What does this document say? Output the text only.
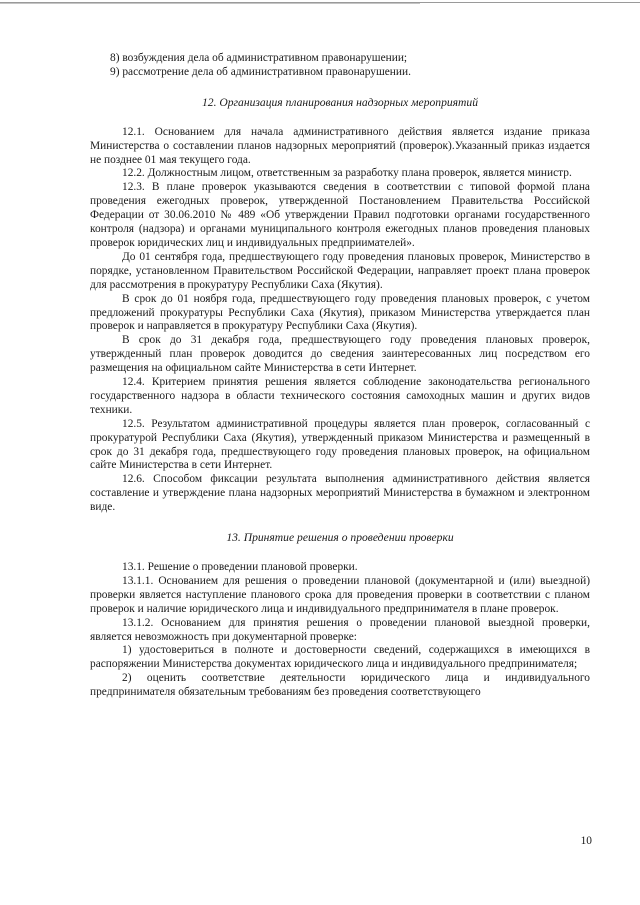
8) возбуждения дела об административном правонарушении;
9) рассмотрение дела об административном правонарушении.
12. Организация планирования надзорных мероприятий

12.1. Основанием для начала административного действия является издание приказа Министерства о составлении планов надзорных мероприятий (проверок).Указанный приказ издается не позднее 01 мая текущего года.

12.2. Должностным лицом, ответственным за разработку плана проверок, является министр.

12.3. В плане проверок указываются сведения в соответствии с типовой формой плана проведения ежегодных проверок, утвержденной Постановлением Правительства Российской Федерации от 30.06.2010 № 489 «Об утверждении Правил подготовки органами государственного контроля (надзора) и органами муниципального контроля ежегодных планов проведения плановых проверок юридических лиц и индивидуальных предприимателей».

До 01 сентября года, предшествующего году проведения плановых проверок, Министерство в порядке, установленном Правительством Российской Федерации, направляет проект плана проверок для рассмотрения в прокуратуру Республики Саха (Якутия).

В срок до 01 ноября года, предшествующего году проведения плановых проверок, с учетом предложений прокуратуры Республики Саха (Якутия), приказом Министерства утверждается план проверок и направляется в прокуратуру Республики Саха (Якутия).

В срок до 31 декабря года, предшествующего году проведения плановых проверок, утвержденный план проверок доводится до сведения заинтересованных лиц посредством его размещения на официальном сайте Министерства в сети Интернет.

12.4. Критерием принятия решения является соблюдение законодательства регионального государственного надзора в области технического состояния самоходных машин и других видов техники.

12.5. Результатом административной процедуры является план проверок, согласованный с прокуратурой Республики Саха (Якутия), утвержденный приказом Министерства и размещенный в срок до 31 декабря года, предшествующего году проведения плановых проверок, на официальном сайте Министерства в сети Интернет.

12.6. Способом фиксации результата выполнения административного действия является составление и утверждение плана надзорных мероприятий Министерства в бумажном и электронном виде.

13. Принятие решения о проведении проверки

13.1. Решение о проведении плановой проверки.

13.1.1. Основанием для решения о проведении плановой (документарной и (или) выездной) проверки является наступление планового срока для проведения проверки в соответствии с планом проверок и наличие юридического лица и индивидуального предпринимателя в плане проверок.

13.1.2. Основанием для принятия решения о проведении плановой выездной проверки, является невозможность при документарной проверке:

1) удостовериться в полноте и достоверности сведений, содержащихся в имеющихся в распоряжении Министерства документах юридического лица и индивидуального предпринимателя;

2) оценить соответствие деятельности юридического лица и индивидуального предпринимателя обязательным требованиям без проведения соответствующего

10
